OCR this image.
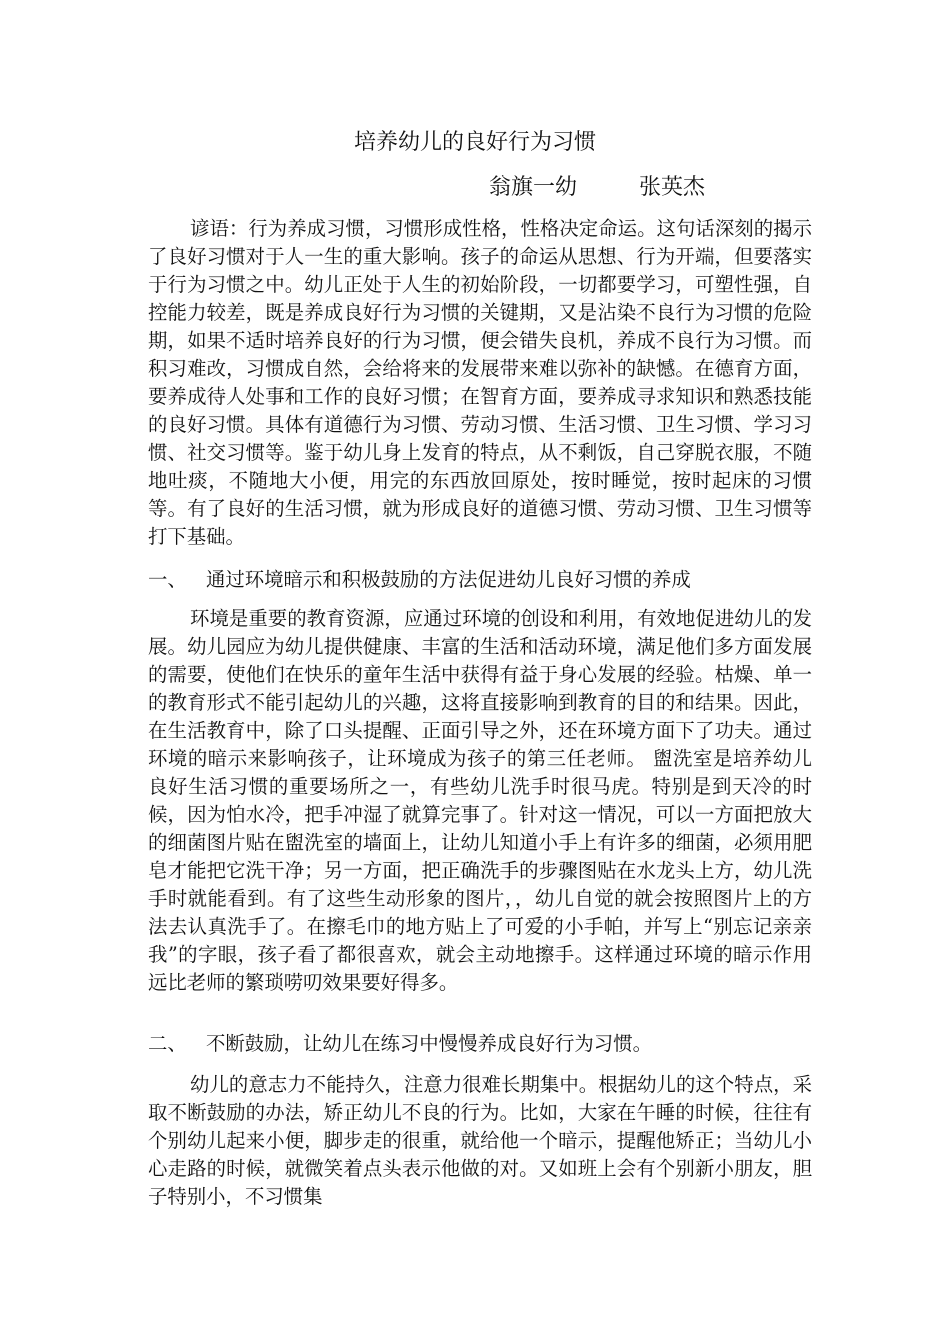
培养幼儿的良好行为习惯
翁旗一幼	张英杰

谚语：行为养成习惯，习惯形成性格，性格决定命运。这句话深刻的揭示了良好习惯对于人一生的重大影响。孩子的命运从思想、行为开端，但要落实于行为习惯之中。幼儿正处于人生的初始阶段，一切都要学习，可塑性强，自控能力较差，既是养成良好行为习惯的关键期，又是沾染不良行为习惯的危险期，如果不适时培养良好的行为习惯，便会错失良机，养成不良行为习惯。而积习难改，习惯成自然，会给将来的发展带来难以弥补的缺憾。在德育方面，要养成待人处事和工作的良好习惯；在智育方面，要养成寻求知识和熟悉技能的良好习惯。具体有道德行为习惯、劳动习惯、生活习惯、卫生习惯、学习习惯、社交习惯等。鉴于幼儿身上发育的特点，从不剩饭，自己穿脱衣服，不随地吐痰，不随地大小便，用完的东西放回原处，按时睡觉，按时起床的习惯等。有了良好的生活习惯，就为形成良好的道德习惯、劳动习惯、卫生习惯等打下基础。

一、 通过环境暗示和积极鼓励的方法促进幼儿良好习惯的养成

环境是重要的教育资源，应通过环境的创设和利用，有效地促进幼儿的发展。幼儿园应为幼儿提供健康、丰富的生活和活动环境，满足他们多方面发展的需要，使他们在快乐的童年生活中获得有益于身心发展的经验。枯燥、单一的教育形式不能引起幼儿的兴趣，这将直接影响到教育的目的和结果。因此，在生活教育中，除了口头提醒、正面引导之外，还在环境方面下了功夫。通过环境的暗示来影响孩子，让环境成为孩子的第三任老师。 盥洗室是培养幼儿良好生活习惯的重要场所之一，有些幼儿洗手时很马虎。特别是到天冷的时候，因为怕水冷，把手冲湿了就算完事了。针对这一情况，可以一方面把放大的细菌图片贴在盥洗室的墙面上，让幼儿知道小手上有许多的细菌，必须用肥皂才能把它洗干净；另一方面，把正确洗手的步骤图贴在水龙头上方，幼儿洗手时就能看到。有了这些生动形象的图片，，幼儿自觉的就会按照图片上的方法去认真洗手了。在擦毛巾的地方贴上了可爱的小手帕，并写上“别忘记亲亲我”的字眼，孩子看了都很喜欢，就会主动地擦手。这样通过环境的暗示作用远比老师的繁琐唠叨效果要好得多。

二、 不断鼓励，让幼儿在练习中慢慢养成良好行为习惯。

幼儿的意志力不能持久，注意力很难长期集中。根据幼儿的这个特点，采取不断鼓励的办法，矫正幼儿不良的行为。比如，大家在午睡的时候，往往有个别幼儿起来小便，脚步走的很重，就给他一个暗示，提醒他矫正；当幼儿小心走路的时候，就微笑着点头表示他做的对。又如班上会有个别新小朋友，胆子特别小，不习惯集
